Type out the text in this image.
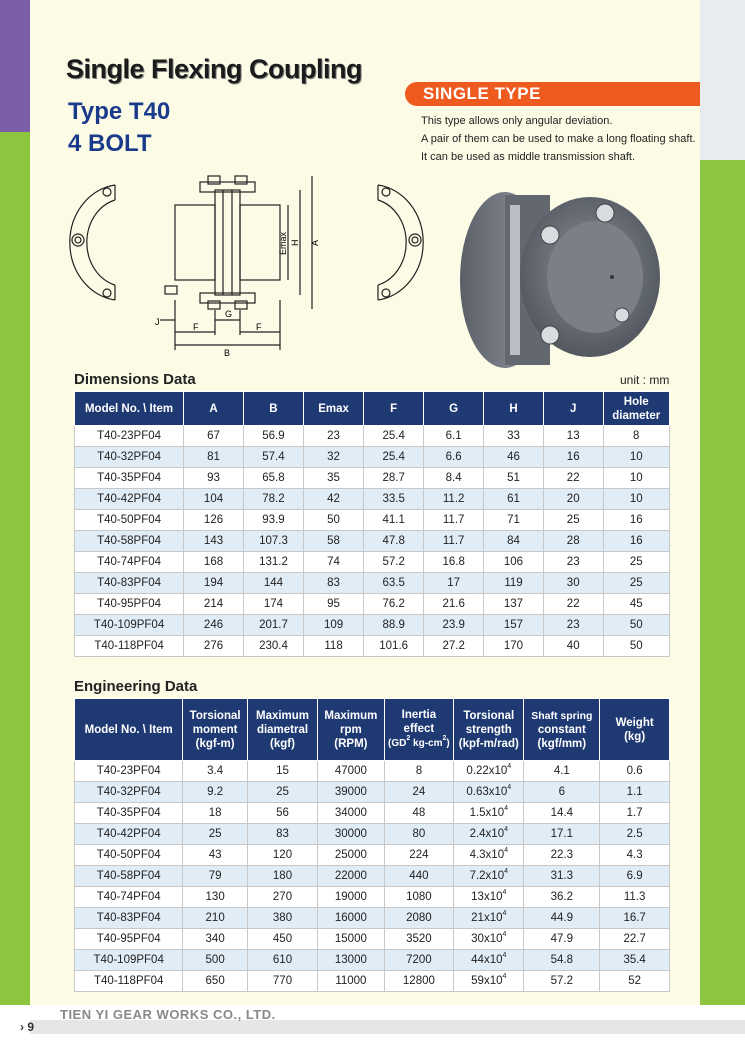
Single Flexing Coupling
Type T40
4 BOLT
SINGLE TYPE
This type allows only angular deviation.
A pair of them can be used to make a long floating shaft.
It can be used as middle transmission shaft.
J
G
F	F
B
Emax H A
Dimensions Data	unit : mm
Model No. \ Item	A	B	Emax	F	G	H	J	Hole diameter
T40-23PF04	67	56.9	23	25.4	6.1	33	13	8
T40-32PF04	81	57.4	32	25.4	6.6	46	16	10
T40-35PF04	93	65.8	35	28.7	8.4	51	22	10
T40-42PF04	104	78.2	42	33.5	11.2	61	20	10
T40-50PF04	126	93.9	50	41.1	11.7	71	25	16
T40-58PF04	143	107.3	58	47.8	11.7	84	28	16
T40-74PF04	168	131.2	74	57.2	16.8	106	23	25
T40-83PF04	194	144	83	63.5	17	119	30	25
T40-95PF04	214	174	95	76.2	21.6	137	22	45
T40-109PF04	246	201.7	109	88.9	23.9	157	23	50
T40-118PF04	276	230.4	118	101.6	27.2	170	40	50
Engineering Data
Model No. \ Item	Torsional
moment
(kgf-m)	Maximum
diametral
(kgf)	Maximum
rpm
(RPM)	Inertia
effect
($GD^2$ $kg-cm^2$)	Torsional
strength
(kpf-m/rad)	Shaft spring
constant
(kgf/mm)	Weight
(kg)
T40-23PF04	3.4	15	47000	8	$0.22x10^4$	4.1	0.6
T40-32PF04	9.2	25	39000	24	$0.63x10^4$	6	1.1
T40-35PF04	18	56	34000	48	$1.5x10^4$	14.4	1.7
T40-42PF04	25	83	30000	80	$2.4x10^4$	17.1	2.5
T40-50PF04	43	120	25000	224	$4.3x10^4$	22.3	4.3
T40-58PF04	79	180	22000	440	$7.2x10^4$	31.3	6.9
T40-74PF04	130	270	19000	1080	$13x10^4$	36.2	11.3
T40-83PF04	210	380	16000	2080	$21x10^4$	44.9	16.7
T40-95PF04	340	450	15000	3520	$30x10^4$	47.9	22.7
T40-109PF04	500	610	13000	7200	$44x10^4$	54.8	35.4
T40-118PF04	650	770	11000	12800	$59x10^4$	57.2	52
TIEN YI GEAR WORKS CO., LTD.
› 9
